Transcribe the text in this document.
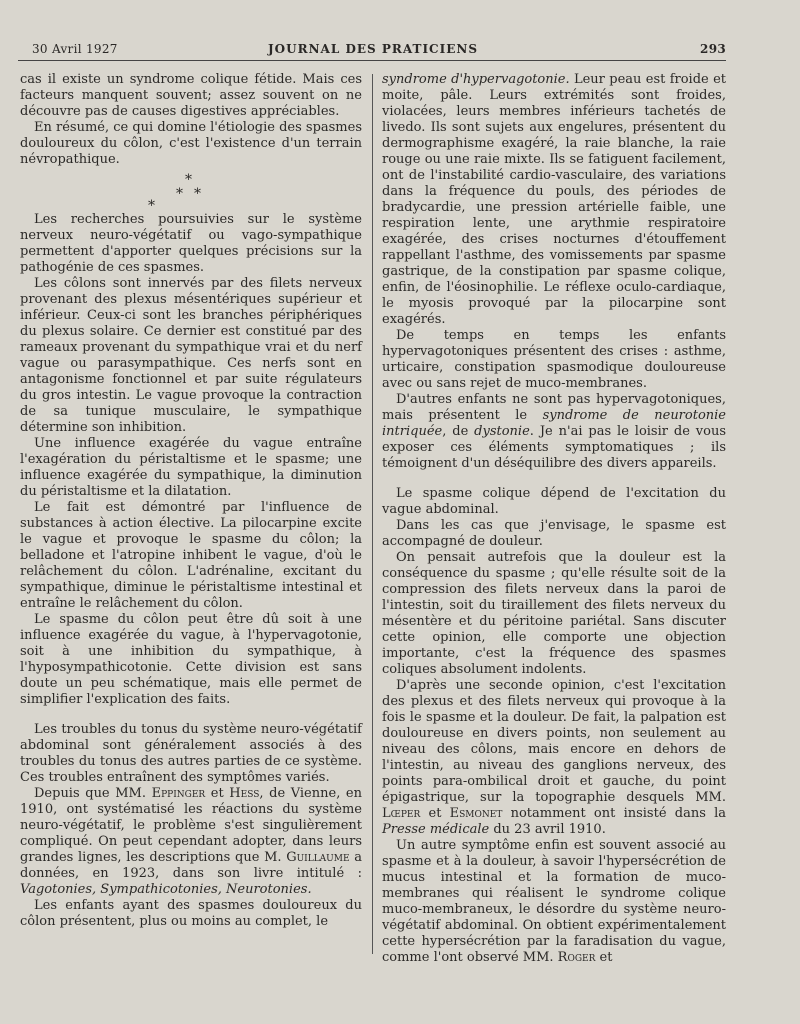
30 Avril 1927	JOURNAL DES PRATICIENS	293

cas il existe un syndrome colique fétide. Mais ces facteurs manquent souvent; assez souvent on ne découvre pas de causes digestives appréciables.

En résumé, ce qui domine l'étiologie des spasmes douloureux du côlon, c'est l'existence d'un terrain névropathique.

*
* *
*

Les recherches poursuivies sur le système nerveux neuro-végétatif ou vago-sympathique permettent d'apporter quelques précisions sur la pathogénie de ces spasmes.

Les côlons sont innervés par des filets nerveux provenant des plexus mésentériques supérieur et inférieur. Ceux-ci sont les branches périphériques du plexus solaire. Ce dernier est constitué par des rameaux provenant du sympathique vrai et du nerf vague ou parasympathique. Ces nerfs sont en antagonisme fonctionnel et par suite régulateurs du gros intestin. Le vague provoque la contraction de sa tunique musculaire, le sympathique détermine son inhibition.

Une influence exagérée du vague entraîne l'exagération du péristaltisme et le spasme; une influence exagérée du sympathique, la diminution du péristaltisme et la dilatation.

Le fait est démontré par l'influence de substances à action élective. La pilocarpine excite le vague et provoque le spasme du côlon; la belladone et l'atropine inhibent le vague, d'où le relâchement du côlon. L'adrénaline, excitant du sympathique, diminue le péristaltisme intestinal et entraîne le relâchement du côlon.

Le spasme du côlon peut être dû soit à une influence exagérée du vague, à l'hypervagotonie, soit à une inhibition du sympathique, à l'hyposympathicotonie. Cette division est sans doute un peu schématique, mais elle permet de simplifier l'explication des faits.

Les troubles du tonus du système neuro-végétatif abdominal sont généralement associés à des troubles du tonus des autres parties de ce système. Ces troubles entraînent des symptômes variés.

Depuis que MM. Eppinger et Hess, de Vienne, en 1910, ont systématisé les réactions du système neuro-végétatif, le problème s'est singulièrement compliqué. On peut cependant adopter, dans leurs grandes lignes, les descriptions que M. Guillaume a données, en 1923, dans son livre intitulé : Vagotonies, Sympathicotonies, Neurotonies.

Les enfants ayant des spasmes douloureux du côlon présentent, plus ou moins au complet, le

syndrome d'hypervagotonie. Leur peau est froide et moite, pâle. Leurs extrémités sont froides, violacées, leurs membres inférieurs tachetés de livedo. Ils sont sujets aux engelures, présentent du dermographisme exagéré, la raie blanche, la raie rouge ou une raie mixte. Ils se fatiguent facilement, ont de l'instabilité cardio-vasculaire, des variations dans la fréquence du pouls, des périodes de bradycardie, une pression artérielle faible, une respiration lente, une arythmie respiratoire exagérée, des crises nocturnes d'étouffement rappellant l'asthme, des vomissements par spasme gastrique, de la constipation par spasme colique, enfin, de l'éosinophilie. Le réflexe oculo-cardiaque, le myosis provoqué par la pilocarpine sont exagérés.

De temps en temps les enfants hypervagotoniques présentent des crises : asthme, urticaire, constipation spasmodique douloureuse avec ou sans rejet de muco-membranes.

D'autres enfants ne sont pas hypervagotoniques, mais présentent le syndrome de neurotonie intriquée, de dystonie. Je n'ai pas le loisir de vous exposer ces éléments symptomatiques ; ils témoignent d'un déséquilibre des divers appareils.

Le spasme colique dépend de l'excitation du vague abdominal.

Dans les cas que j'envisage, le spasme est accompagné de douleur.

On pensait autrefois que la douleur est la conséquence du spasme ; qu'elle résulte soit de la compression des filets nerveux dans la paroi de l'intestin, soit du tiraillement des filets nerveux du mésentère et du péritoine pariétal. Sans discuter cette opinion, elle comporte une objection importante, c'est la fréquence des spasmes coliques absolument indolents.

D'après une seconde opinion, c'est l'excitation des plexus et des filets nerveux qui provoque à la fois le spasme et la douleur. De fait, la palpation est douloureuse en divers points, non seulement au niveau des côlons, mais encore en dehors de l'intestin, au niveau des ganglions nerveux, des points para-ombilical droit et gauche, du point épigastrique, sur la topographie desquels MM. Lœper et Esmonet notamment ont insisté dans la Presse médicale du 23 avril 1910.

Un autre symptôme enfin est souvent associé au spasme et à la douleur, à savoir l'hypersécrétion de mucus intestinal et la formation de muco-membranes qui réalisent le syndrome colique muco-membraneux, le désordre du système neuro-végétatif abdominal. On obtient expérimentalement cette hypersécrétion par la faradisation du vague, comme l'ont observé MM. Roger et
